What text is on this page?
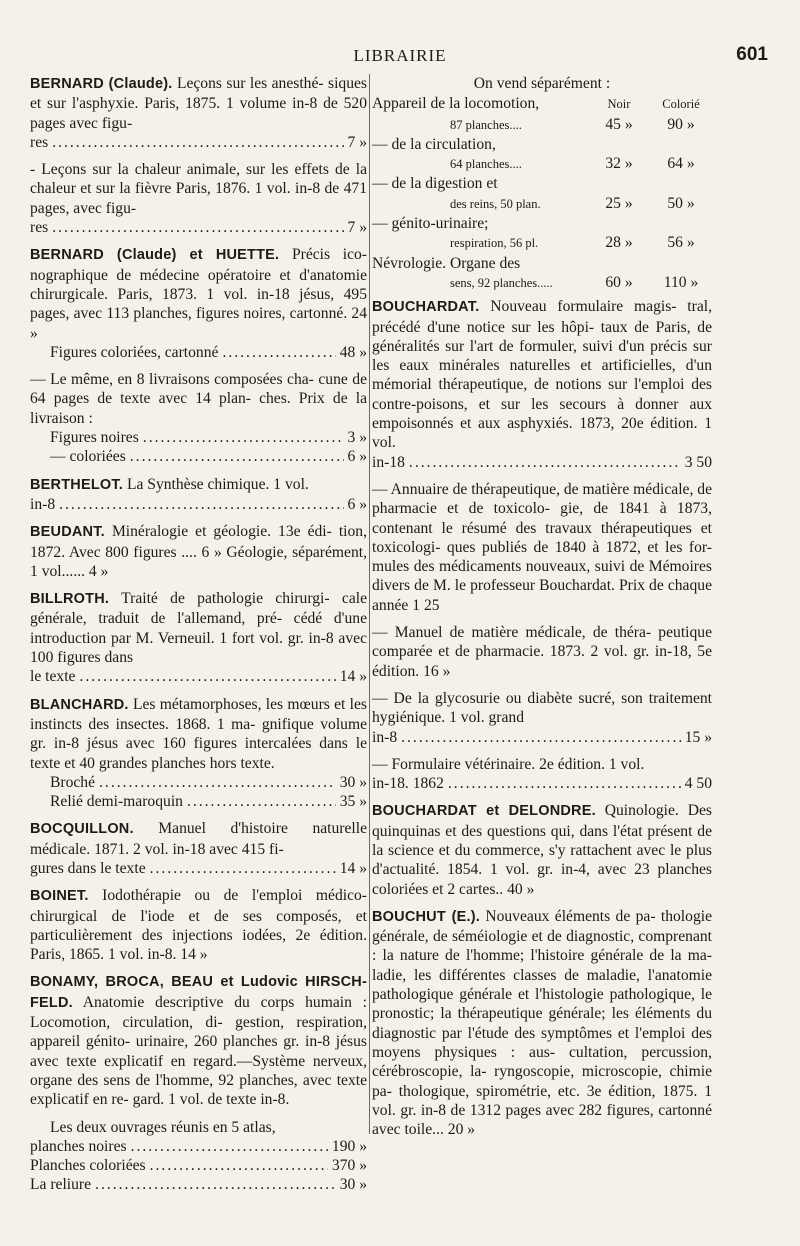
LIBRAIRIE	601

BERNARD (Claude). Leçons sur les anesthé- siques et sur l'asphyxie. Paris, 1875. 1 volume in-8 de 520 pages avec figu-

res .....	7 »

- Leçons sur la chaleur animale, sur les effets de la chaleur et sur la fièvre Paris, 1876. 1 vol. in-8 de 471 pages, avec figu-

res .....	7 »

BERNARD (Claude) et HUETTE. Précis ico- nographique de médecine opératoire et d'anatomie chirurgicale. Paris, 1873. 1 vol. in-18 jésus, 495 pages, avec 113 planches, figures noires, cartonné. 24 »

Figures coloriées, cartonné .....	48 »

— Le même, en 8 livraisons composées cha- cune de 64 pages de texte avec 14 plan- ches. Prix de la livraison :

Figures noires .....	3 »
— coloriées .....	6 »

BERTHELOT. La Synthèse chimique. 1 vol.

in-8 .....	6 »

BEUDANT. Minéralogie et géologie. 13e édi- tion, 1872. Avec 800 figures .... 6 » Géologie, séparément, 1 vol...... 4 »

BILLROTH. Traité de pathologie chirurgi- cale générale, traduit de l'allemand, pré- cédé d'une introduction par M. Verneuil. 1 fort vol. gr. in-8 avec 100 figures dans

le texte .....	14 »

BLANCHARD. Les métamorphoses, les mœurs et les instincts des insectes. 1868. 1 ma- gnifique volume gr. in-8 jésus avec 160 figures intercalées dans le texte et 40 grandes planches hors texte.

Broché .....	30 »
Relié demi-maroquin .....	35 »

BOCQUILLON. Manuel d'histoire naturelle médicale. 1871. 2 vol. in-18 avec 415 fi-

gures dans le texte .....	14 »

BOINET. Iodothérapie ou de l'emploi médico- chirurgical de l'iode et de ses composés, et particulièrement des injections iodées, 2e édition. Paris, 1865. 1 vol. in-8. 14 »

BONAMY, BROCA, BEAU et Ludovic HIRSCH- FELD. Anatomie descriptive du corps humain : Locomotion, circulation, di- gestion, respiration, appareil génito- urinaire, 260 planches gr. in-8 jésus avec texte explicatif en regard.—Système nerveux, organe des sens de l'homme, 92 planches, avec texte explicatif en re- gard. 1 vol. de texte in-8.

Les deux ouvrages réunis en 5 atlas,

planches noires .....	190 »
Planches coloriées .....	370 »
La reliure .....	30 »

On vend séparément :

Appareil de la locomotion,	Noir	Colorié
87 planches....	45 »	90 »
— de la circulation,		
64 planches....	32 »	64 »
— de la digestion et		
des reins, 50 plan.	25 »	50 »
— génito-urinaire;		
respiration, 56 pl.	28 »	56 »
Névrologie. Organe des		
sens, 92 planches.....	60 »	110 »

BOUCHARDAT. Nouveau formulaire magis- tral, précédé d'une notice sur les hôpi- taux de Paris, de généralités sur l'art de formuler, suivi d'un précis sur les eaux minérales naturelles et artificielles, d'un mémorial thérapeutique, de notions sur l'emploi des contre-poisons, et sur les secours à donner aux empoisonnés et aux asphyxiés. 1873, 20e édition. 1 vol.

in-18 .....	3 50

— Annuaire de thérapeutique, de matière médicale, de pharmacie et de toxicolo- gie, de 1841 à 1873, contenant le résumé des travaux thérapeutiques et toxicologi- ques publiés de 1840 à 1872, et les for- mules des médicaments nouveaux, suivi de Mémoires divers de M. le professeur Bouchardat. Prix de chaque année 1 25

— Manuel de matière médicale, de théra- peutique comparée et de pharmacie. 1873. 2 vol. gr. in-18, 5e édition. 16 »

— De la glycosurie ou diabète sucré, son traitement hygiénique. 1 vol. grand

in-8 .....	15 »

— Formulaire vétérinaire. 2e édition. 1 vol.

in-18. 1862 .....	4 50

BOUCHARDAT et DELONDRE. Quinologie. Des quinquinas et des questions qui, dans l'état présent de la science et du commerce, s'y rattachent avec le plus d'actualité. 1854. 1 vol. gr. in-4, avec 23 planches coloriées et 2 cartes.. 40 »

BOUCHUT (E.). Nouveaux éléments de pa- thologie générale, de séméiologie et de diagnostic, comprenant : la nature de l'homme; l'histoire générale de la ma- ladie, les différentes classes de maladie, l'anatomie pathologique générale et l'histologie pathologique, le pronostic; la thérapeutique générale; les éléments du diagnostic par l'étude des symptômes et l'emploi des moyens physiques : aus- cultation, percussion, cérébroscopie, la- ryngoscopie, microscopie, chimie pa- thologique, spirométrie, etc. 3e édition, 1875. 1 vol. gr. in-8 de 1312 pages avec 282 figures, cartonné avec toile... 20 »
